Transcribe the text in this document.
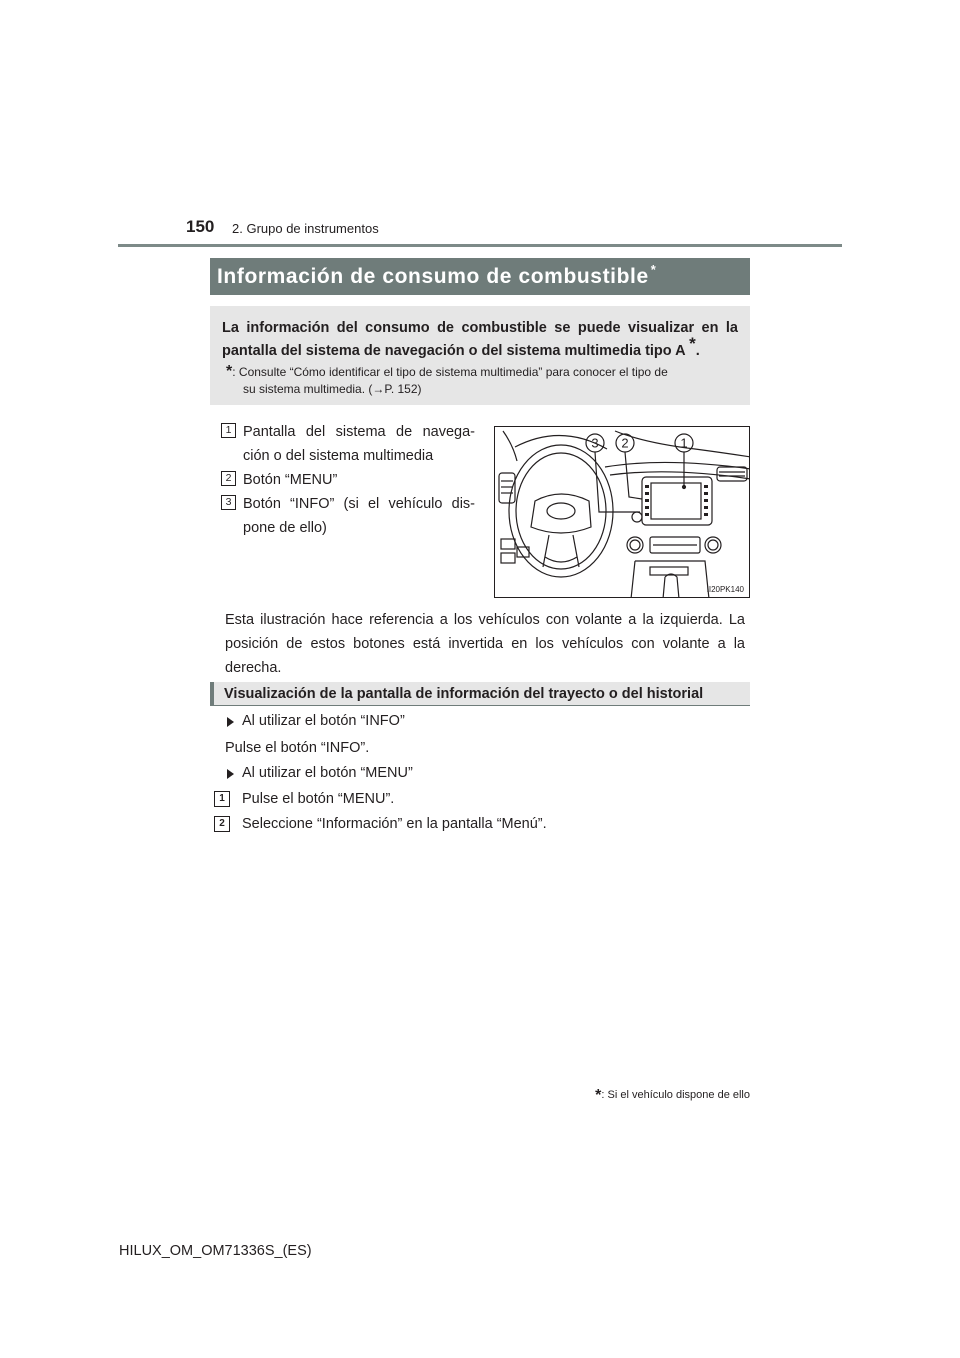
150 2. Grupo de instrumentos
Información de consumo de combustible *
La información del consumo de combustible se puede visualizar en la pantalla del sistema de navegación o del sistema multimedia tipo A *.
*: Consulte “Cómo identificar el tipo de sistema multimedia” para conocer el tipo de
su sistema multimedia. (→P. 152)
1 Pantalla del sistema de navega-ción o del sistema multimedia
2 Botón “MENU”
3 Botón “INFO” (si el vehículo dis-pone de ello)
3 2	1
II20PK140
Esta ilustración hace referencia a los vehículos con volante a la izquierda. La posición de estos botones está invertida en los vehículos con volante a la derecha.
Visualización de la pantalla de información del trayecto o del historial
Al utilizar el botón “INFO”
Pulse el botón “INFO”.
Al utilizar el botón “MENU”
1	Pulse el botón “MENU”.
2	Seleccione “Información” en la pantalla “Menú”.
*: Si el vehículo dispone de ello
HILUX_OM_OM71336S_(ES)
